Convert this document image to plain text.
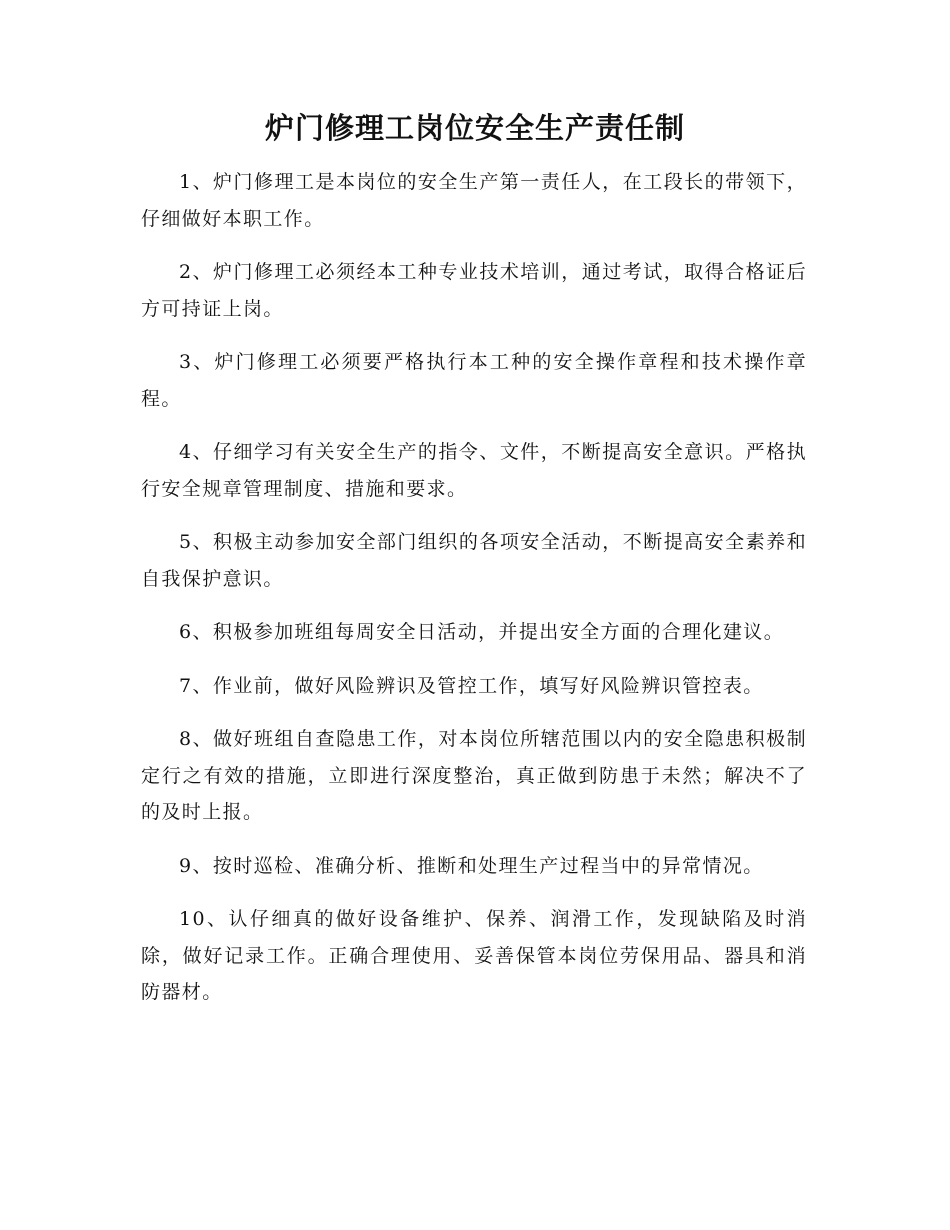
炉门修理工岗位安全生产责任制

1、炉门修理工是本岗位的安全生产第一责任人，在工段长的带领下，仔细做好本职工作。

2、炉门修理工必须经本工种专业技术培训，通过考试，取得合格证后方可持证上岗。

3、炉门修理工必须要严格执行本工种的安全操作章程和技术操作章程。

4、仔细学习有关安全生产的指令、文件，不断提高安全意识。严格执行安全规章管理制度、措施和要求。

5、积极主动参加安全部门组织的各项安全活动，不断提高安全素养和自我保护意识。

6、积极参加班组每周安全日活动，并提出安全方面的合理化建议。

7、作业前，做好风险辨识及管控工作，填写好风险辨识管控表。

8、做好班组自查隐患工作，对本岗位所辖范围以内的安全隐患积极制定行之有效的措施，立即进行深度整治，真正做到防患于未然；解决不了的及时上报。

9、按时巡检、准确分析、推断和处理生产过程当中的异常情况。

10、认仔细真的做好设备维护、保养、润滑工作，发现缺陷及时消除，做好记录工作。正确合理使用、妥善保管本岗位劳保用品、器具和消防器材。
